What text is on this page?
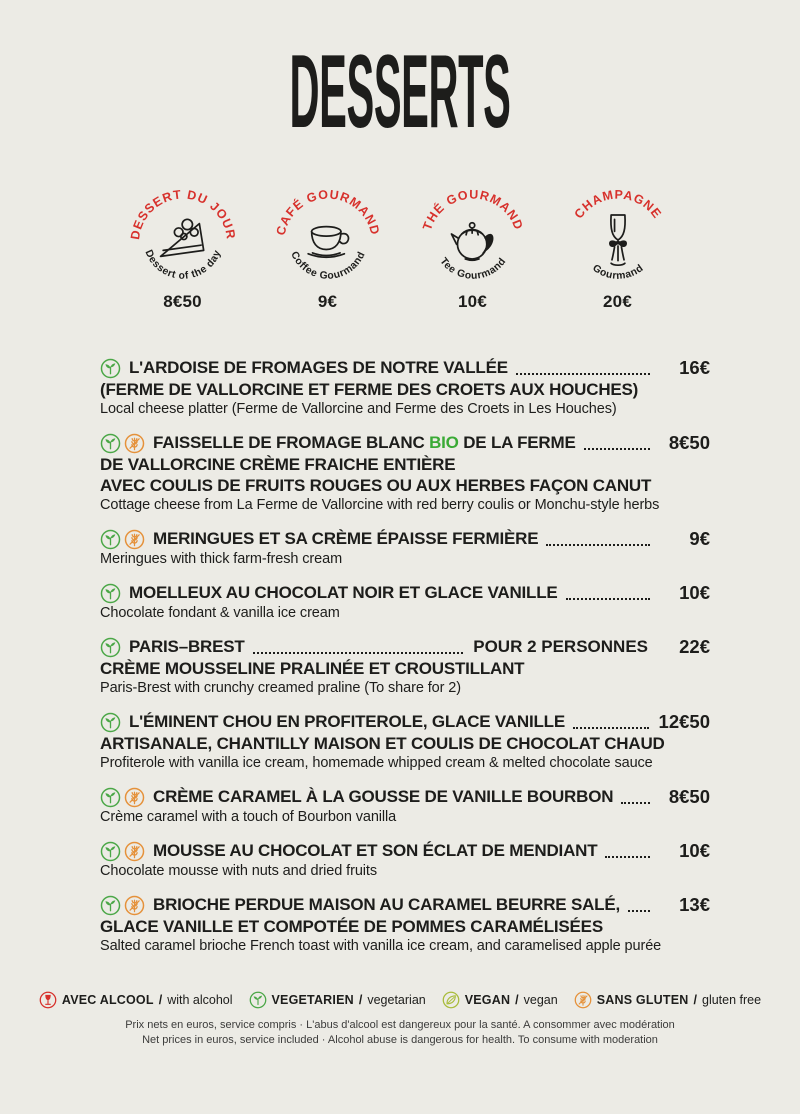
DESSERTS
DESSERT DU JOUR
Dessert of the day
8€50
CAFÉ GOURMAND
Coffee Gourmand
9€
THÉ GOURMAND
Tee Gourmand
10€
CHAMPAGNE
Gourmand
20€
L'ARDOISE DE FROMAGES DE NOTRE VALLÉE	16€
(FERME DE VALLORCINE ET FERME DES CROETS AUX HOUCHES)
Local cheese platter (Ferme de Vallorcine and Ferme des Croets in Les Houches)
FAISSELLE DE FROMAGE BLANC BIO DE LA FERME	8€50
DE VALLORCINE CRÈME FRAICHE ENTIÈRE
AVEC COULIS DE FRUITS ROUGES OU AUX HERBES FAÇON CANUT
Cottage cheese from La Ferme de Vallorcine with red berry coulis or Monchu-style herbs
MERINGUES ET SA CRÈME ÉPAISSE FERMIÈRE	9€
Meringues with thick farm-fresh cream
MOELLEUX AU CHOCOLAT NOIR ET GLACE VANILLE	10€
Chocolate fondant & vanilla ice cream
PARIS–BREST	POUR 2 PERSONNES	22€
CRÈME MOUSSELINE PRALINÉE ET CROUSTILLANT
Paris-Brest with crunchy creamed praline (To share for 2)
L'ÉMINENT CHOU EN PROFITEROLE, GLACE VANILLE	12€50
ARTISANALE, CHANTILLY MAISON ET COULIS DE CHOCOLAT CHAUD
Profiterole with vanilla ice cream, homemade whipped cream & melted chocolate sauce
CRÈME CARAMEL À LA GOUSSE DE VANILLE BOURBON	8€50
Crème caramel with a touch of Bourbon vanilla
MOUSSE AU CHOCOLAT ET SON ÉCLAT DE MENDIANT	10€
Chocolate mousse with nuts and dried fruits
BRIOCHE PERDUE MAISON AU CARAMEL BEURRE SALÉ,	13€
GLACE VANILLE ET COMPOTÉE DE POMMES CARAMÉLISÉES
Salted caramel brioche French toast with vanilla ice cream, and caramelised apple purée
AVEC ALCOOL / with alcohol	VEGETARIEN / vegetarian	VEGAN / vegan	SANS GLUTEN / gluten free
Prix nets en euros, service compris · L'abus d'alcool est dangereux pour la santé. A consommer avec modération
Net prices in euros, service included · Alcohol abuse is dangerous for health. To consume with moderation
